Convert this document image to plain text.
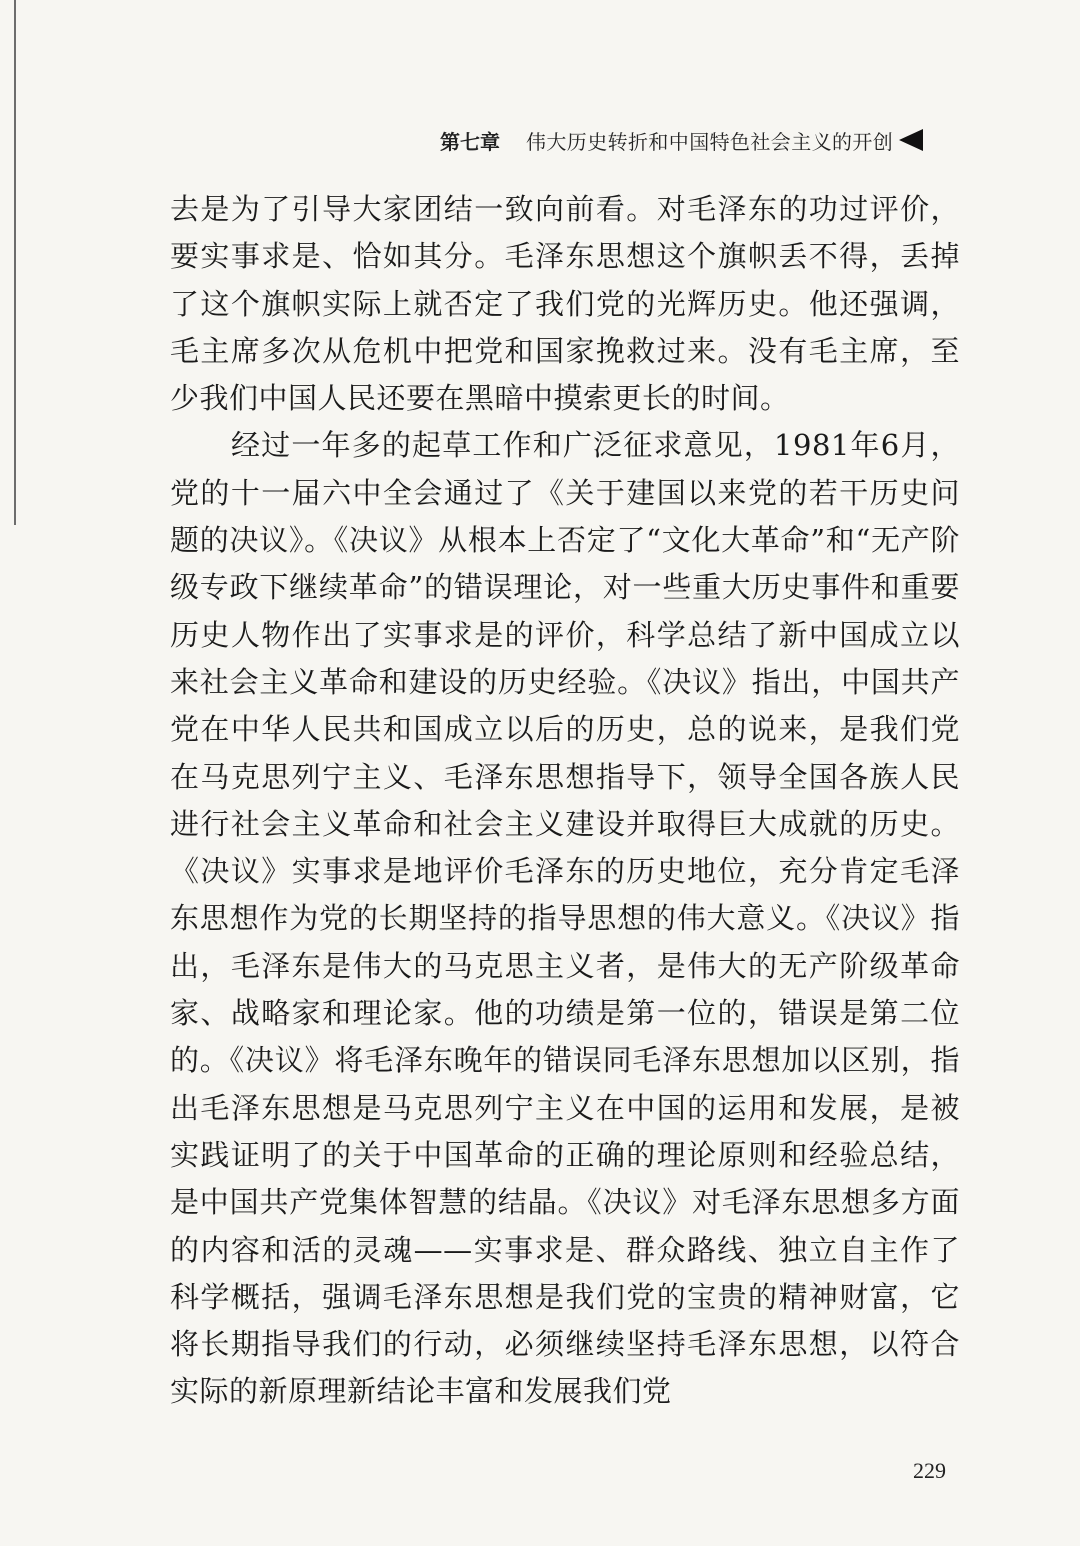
第七章 伟大历史转折和中国特色社会主义的开创

去是为了引导大家团结一致向前看。对毛泽东的功过评价，要实事求是、恰如其分。毛泽东思想这个旗帜丢不得，丢掉了这个旗帜实际上就否定了我们党的光辉历史。他还强调，毛主席多次从危机中把党和国家挽救过来。没有毛主席，至少我们中国人民还要在黑暗中摸索更长的时间。

经过一年多的起草工作和广泛征求意见，1981年6月，党的十一届六中全会通过了《关于建国以来党的若干历史问题的决议》。《决议》从根本上否定了“文化大革命”和“无产阶级专政下继续革命”的错误理论，对一些重大历史事件和重要历史人物作出了实事求是的评价，科学总结了新中国成立以来社会主义革命和建设的历史经验。《决议》指出，中国共产党在中华人民共和国成立以后的历史，总的说来，是我们党在马克思列宁主义、毛泽东思想指导下，领导全国各族人民进行社会主义革命和社会主义建设并取得巨大成就的历史。《决议》实事求是地评价毛泽东的历史地位，充分肯定毛泽东思想作为党的长期坚持的指导思想的伟大意义。《决议》指出，毛泽东是伟大的马克思主义者，是伟大的无产阶级革命家、战略家和理论家。他的功绩是第一位的，错误是第二位的。《决议》将毛泽东晚年的错误同毛泽东思想加以区别，指出毛泽东思想是马克思列宁主义在中国的运用和发展，是被实践证明了的关于中国革命的正确的理论原则和经验总结，是中国共产党集体智慧的结晶。《决议》对毛泽东思想多方面的内容和活的灵魂——实事求是、群众路线、独立自主作了科学概括，强调毛泽东思想是我们党的宝贵的精神财富，它将长期指导我们的行动，必须继续坚持毛泽东思想，以符合实际的新原理新结论丰富和发展我们党

229
